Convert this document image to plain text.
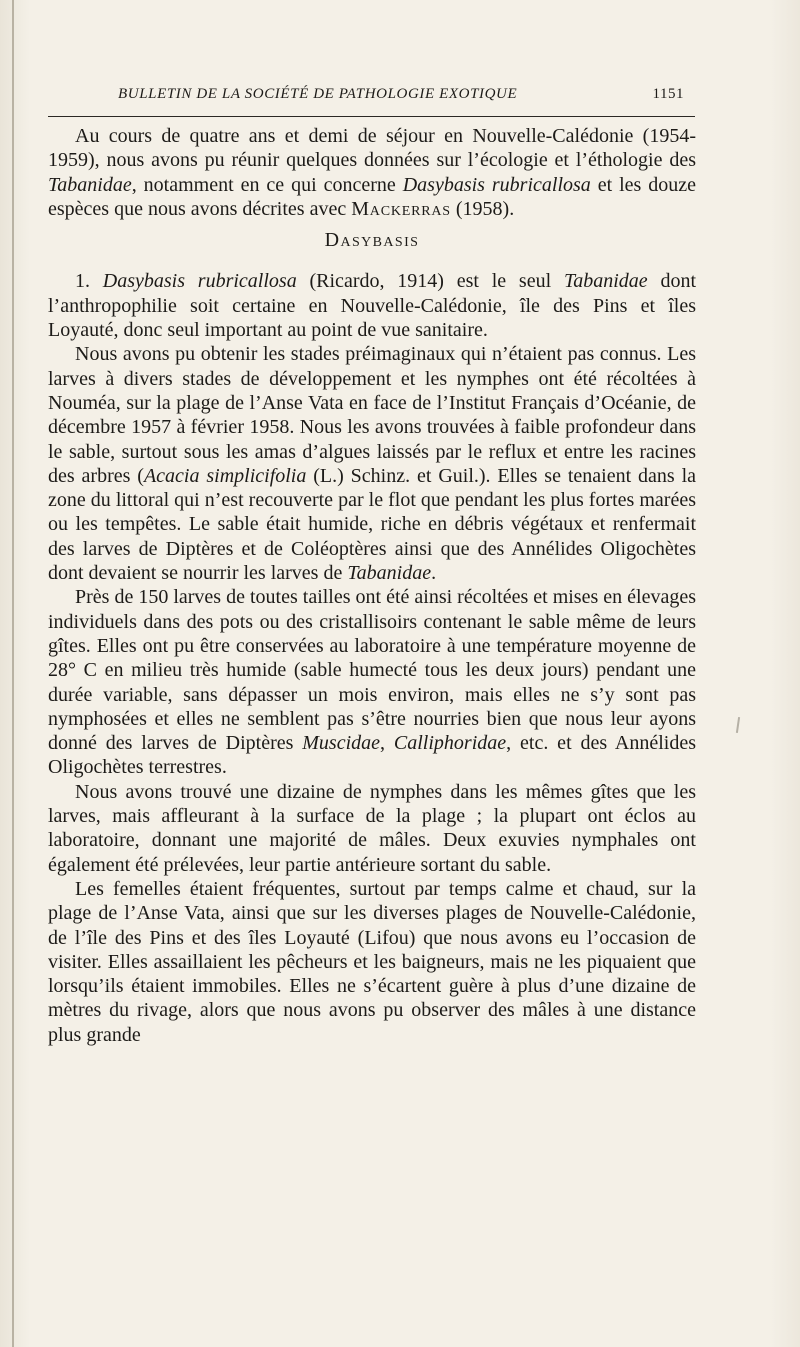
BULLETIN DE LA SOCIÉTÉ DE PATHOLOGIE EXOTIQUE	1151

Au cours de quatre ans et demi de séjour en Nouvelle-Calédonie (1954-1959), nous avons pu réunir quelques données sur l’écologie et l’éthologie des Tabanidae, notamment en ce qui concerne Dasybasis rubricallosa et les douze espèces que nous avons décrites avec Mackerras (1958).

Dasybasis

1. Dasybasis rubricallosa (Ricardo, 1914) est le seul Tabanidae dont l’anthropophilie soit certaine en Nouvelle-Calédonie, île des Pins et îles Loyauté, donc seul important au point de vue sanitaire.

Nous avons pu obtenir les stades préimaginaux qui n’étaient pas connus. Les larves à divers stades de développement et les nymphes ont été récoltées à Nouméa, sur la plage de l’Anse Vata en face de l’Institut Français d’Océanie, de décembre 1957 à février 1958. Nous les avons trouvées à faible profondeur dans le sable, surtout sous les amas d’algues laissés par le reflux et entre les racines des arbres (Acacia simplicifolia (L.) Schinz. et Guil.). Elles se tenaient dans la zone du littoral qui n’est recouverte par le flot que pendant les plus fortes marées ou les tempêtes. Le sable était humide, riche en débris végétaux et renfermait des larves de Diptères et de Coléoptères ainsi que des Annélides Oligochètes dont devaient se nourrir les larves de Tabanidae.

Près de 150 larves de toutes tailles ont été ainsi récoltées et mises en élevages individuels dans des pots ou des cristallisoirs contenant le sable même de leurs gîtes. Elles ont pu être conservées au laboratoire à une température moyenne de 28° C en milieu très humide (sable humecté tous les deux jours) pendant une durée variable, sans dépasser un mois environ, mais elles ne s’y sont pas nymphosées et elles ne semblent pas s’être nourries bien que nous leur ayons donné des larves de Diptères Muscidae, Calliphoridae, etc. et des Annélides Oligochètes terrestres.

Nous avons trouvé une dizaine de nymphes dans les mêmes gîtes que les larves, mais affleurant à la surface de la plage ; la plupart ont éclos au laboratoire, donnant une majorité de mâles. Deux exuvies nymphales ont également été prélevées, leur partie antérieure sortant du sable.

Les femelles étaient fréquentes, surtout par temps calme et chaud, sur la plage de l’Anse Vata, ainsi que sur les diverses plages de Nouvelle-Calédonie, de l’île des Pins et des îles Loyauté (Lifou) que nous avons eu l’occasion de visiter. Elles assaillaient les pêcheurs et les baigneurs, mais ne les piquaient que lorsqu’ils étaient immobiles. Elles ne s’écartent guère à plus d’une dizaine de mètres du rivage, alors que nous avons pu observer des mâles à une distance plus grande
